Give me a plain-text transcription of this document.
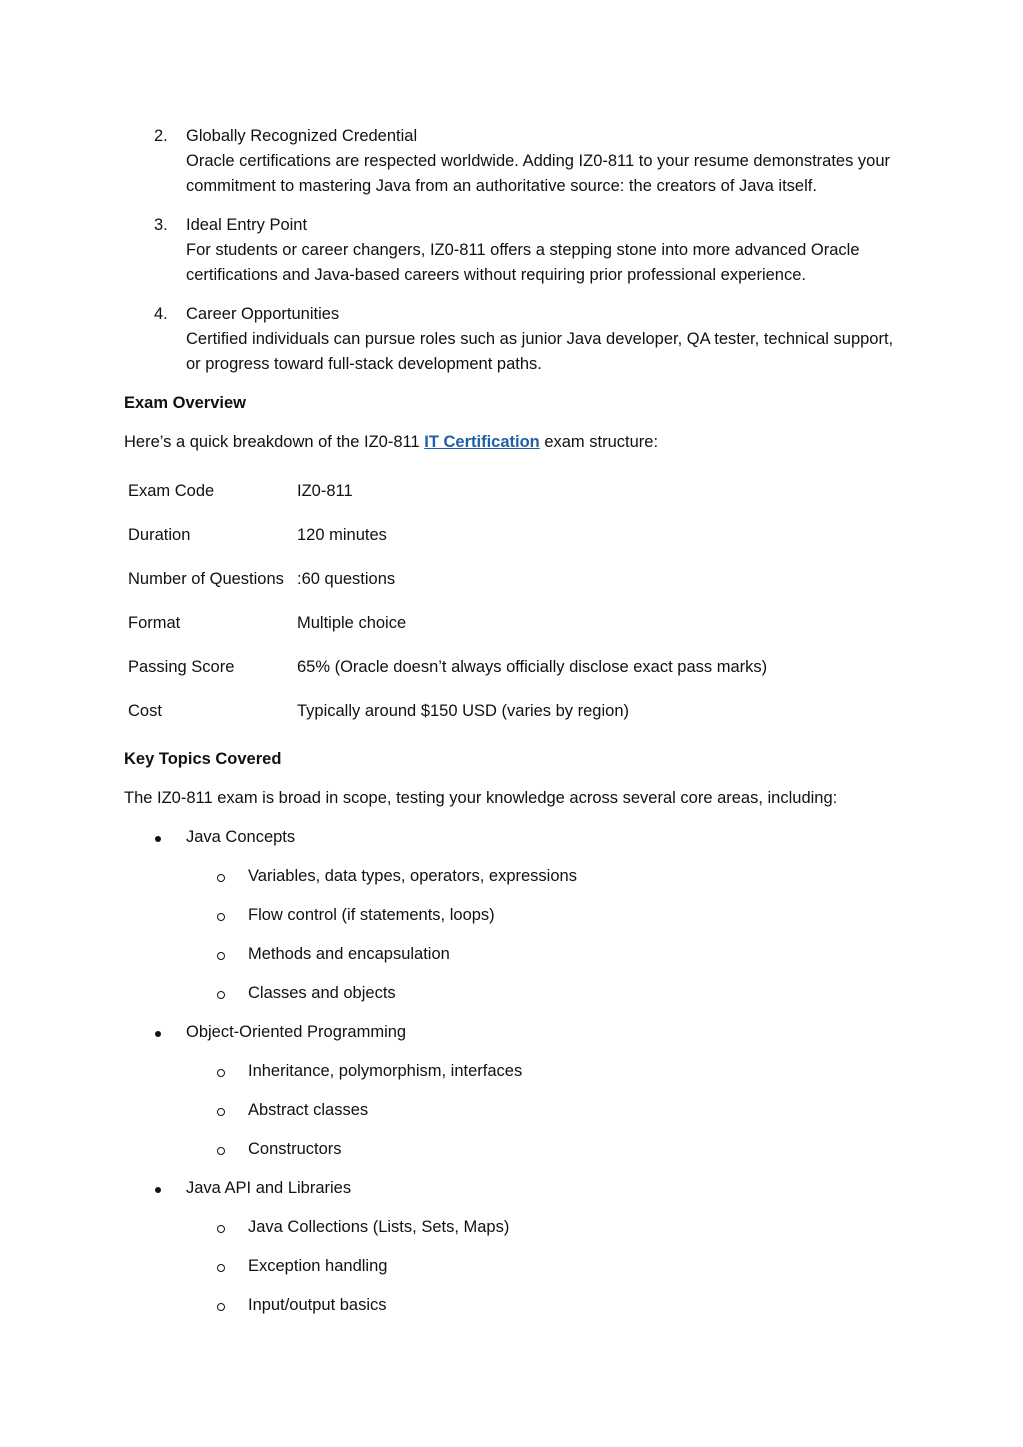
2. Globally Recognized Credential
Oracle certifications are respected worldwide. Adding IZ0-811 to your resume demonstrates your commitment to mastering Java from an authoritative source: the creators of Java itself.
3. Ideal Entry Point
For students or career changers, IZ0-811 offers a stepping stone into more advanced Oracle certifications and Java-based careers without requiring prior professional experience.
4. Career Opportunities
Certified individuals can pursue roles such as junior Java developer, QA tester, technical support, or progress toward full-stack development paths.
Exam Overview
Here’s a quick breakdown of the IZ0-811 IT Certification exam structure:
Exam Code	IZ0-811
Duration	120 minutes
Number of Questions	:60 questions
Format	Multiple choice
Passing Score	65% (Oracle doesn’t always officially disclose exact pass marks)
Cost	Typically around $150 USD (varies by region)
Key Topics Covered
The IZ0-811 exam is broad in scope, testing your knowledge across several core areas, including:
Java Concepts
Variables, data types, operators, expressions
Flow control (if statements, loops)
Methods and encapsulation
Classes and objects
Object-Oriented Programming
Inheritance, polymorphism, interfaces
Abstract classes
Constructors
Java API and Libraries
Java Collections (Lists, Sets, Maps)
Exception handling
Input/output basics
